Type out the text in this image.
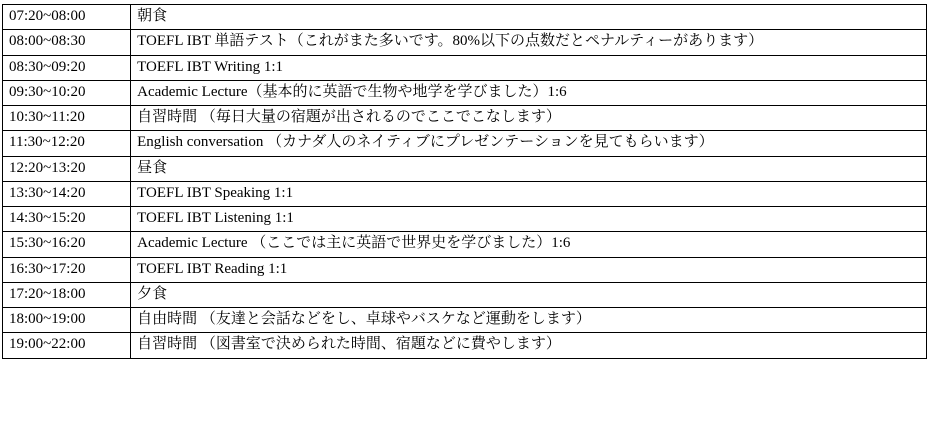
07:20~08:00	朝食
08:00~08:30	TOEFL IBT 単語テスト（これがまた多いです。80%以下の点数だとペナルティーがあります）
08:30~09:20	TOEFL IBT Writing 1:1
09:30~10:20	Academic Lecture（基本的に英語で生物や地学を学びました）1:6
10:30~11:20	自習時間 （毎日大量の宿題が出されるのでここでこなします）
11:30~12:20	English conversation （カナダ人のネイティブにプレゼンテーションを見てもらいます）
12:20~13:20	昼食
13:30~14:20	TOEFL IBT Speaking 1:1
14:30~15:20	TOEFL IBT Listening 1:1
15:30~16:20	Academic Lecture （ここでは主に英語で世界史を学びました）1:6
16:30~17:20	TOEFL IBT Reading 1:1
17:20~18:00	夕食
18:00~19:00	自由時間 （友達と会話などをし、卓球やバスケなど運動をします）
19:00~22:00	自習時間 （図書室で決められた時間、宿題などに費やします）
